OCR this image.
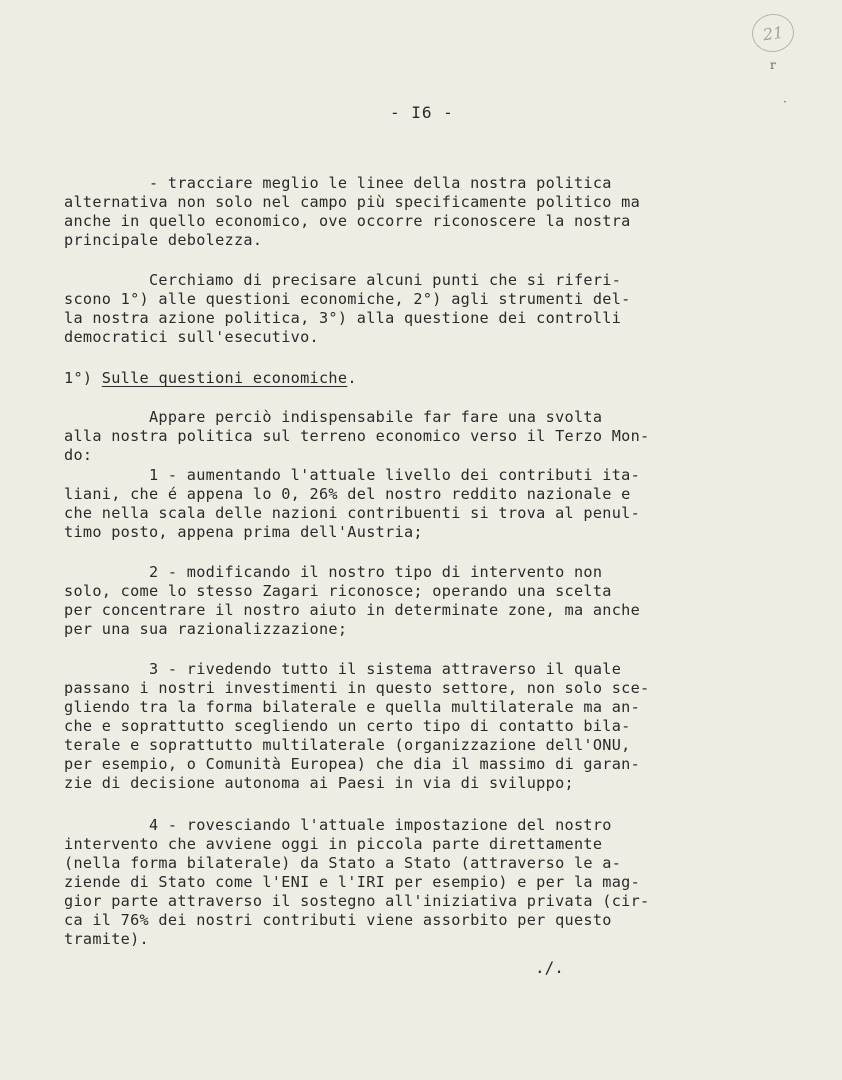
21
r
·
- I6 -
- tracciare meglio le linee della nostra politica
alternativa non solo nel campo più specificamente politico ma
anche in quello economico, ove occorre riconoscere la nostra
principale debolezza.
Cerchiamo di precisare alcuni punti che si riferi-
scono 1°) alle questioni economiche, 2°) agli strumenti del-
la nostra azione politica, 3°) alla questione dei controlli
democratici sull'esecutivo.
1°) Sulle questioni economiche.
Appare perciò indispensabile far fare una svolta
alla nostra politica sul terreno economico verso il Terzo Mon-
do:
1 - aumentando l'attuale livello dei contributi ita-
liani, che é appena lo 0, 26% del nostro reddito nazionale e
che nella scala delle nazioni contribuenti si trova al penul-
timo posto, appena prima dell'Austria;
2 - modificando il nostro tipo di intervento non
solo, come lo stesso Zagari riconosce; operando una scelta
per concentrare il nostro aiuto in determinate zone, ma anche
per una sua razionalizzazione;
3 - rivedendo tutto il sistema attraverso il quale
passano i nostri investimenti in questo settore, non solo sce-
gliendo tra la forma bilaterale e quella multilaterale ma an-
che e soprattutto scegliendo un certo tipo di contatto bila-
terale e soprattutto multilaterale (organizzazione dell'ONU,
per esempio, o Comunità Europea) che dia il massimo di garan-
zie di decisione autonoma ai Paesi in via di sviluppo;
4 - rovesciando l'attuale impostazione del nostro
intervento che avviene oggi in piccola parte direttamente
(nella forma bilaterale) da Stato a Stato (attraverso le a-
ziende di Stato come l'ENI e l'IRI per esempio) e per la mag-
gior parte attraverso il sostegno all'iniziativa privata (cir-
ca il 76% dei nostri contributi viene assorbito per questo
tramite).
./.
